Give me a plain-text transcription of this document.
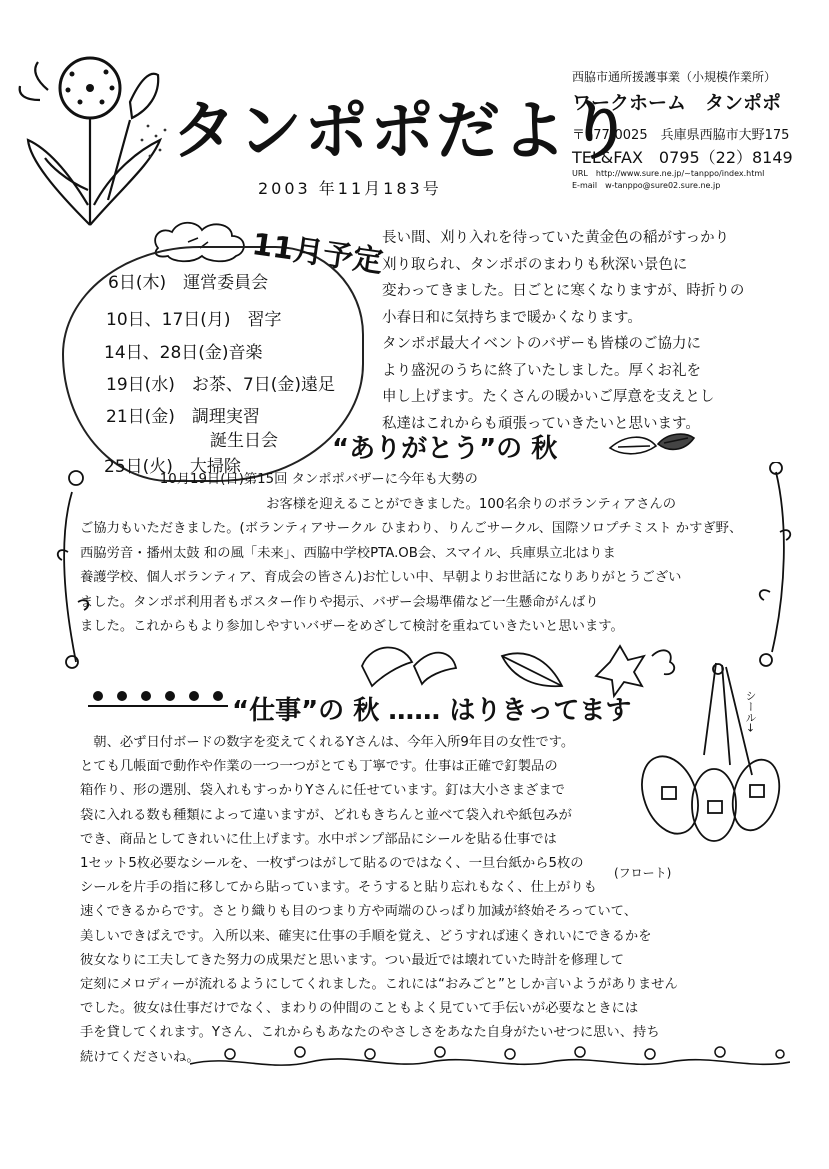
タンポポだより
2003 年11月183号
西脇市通所援護事業（小規模作業所）
ワークホーム　タンポポ
〒677-0025　兵庫県西脇市大野175
TEL&FAX　0795（22）8149
URL　http://www.sure.ne.jp/~tanppo/index.html
E-mail　w-tanppo@sure02.sure.ne.jp
11月予定
6日(木)　運営委員会
10日、17日(月)　習字
14日、28日(金)音楽
19日(水)　お茶、7日(金)遠足
21日(金)　調理実習
誕生日会
25日(火)　大掃除
長い間、刈り入れを待っていた黄金色の稲がすっかり
刈り取られ、タンポポのまわりも秋深い景色に
変わってきました。日ごとに寒くなりますが、時折りの
小春日和に気持ちまで暖かくなります。
タンポポ最大イベントのバザーも皆様のご協力に
より盛況のうちに終了いたしました。厚くお礼を
申し上げます。たくさんの暖かいご厚意を支えとし
私達はこれからも頑張っていきたいと思います。
“ありがとう”の 秋
　　　　　　10月19日(日)第15回 タンポポバザーに今年も大勢の
　　　　　　　　　　　　　　お客様を迎えることができました。100名余りのボランティアさんの
ご協力もいただきました。(ボランティアサークル ひまわり、りんごサークル、国際ソロプチミスト かすぎ野、
西脇労音・播州太鼓 和の風「未来」、西脇中学校PTA.OB会、スマイル、兵庫県立北はりま
養護学校、個人ボランティア、育成会の皆さん)お忙しい中、早朝よりお世話になりありがとうござい
ました。タンポポ利用者もポスター作りや掲示、バザー会場準備など一生懸命がんばり
ました。これからもより参加しやすいバザーをめざして検討を重ねていきたいと思います。
“仕事”の 秋 …… はりきってます	シール→
(フロート)
　朝、必ず日付ボードの数字を変えてくれるYさんは、今年入所9年目の女性です。
とても几帳面で動作や作業の一つ一つがとても丁寧です。仕事は正確で釘製品の
箱作り、形の選別、袋入れもすっかりYさんに任せています。釘は大小さまざまで
袋に入れる数も種類によって違いますが、どれもきちんと並べて袋入れや紙包みが
でき、商品としてきれいに仕上げます。水中ポンプ部品にシールを貼る仕事では
1セット5枚必要なシールを、一枚ずつはがして貼るのではなく、一旦台紙から5枚の
シールを片手の指に移してから貼っています。そうすると貼り忘れもなく、仕上がりも
速くできるからです。さとり織りも目のつまり方や両端のひっぱり加減が終始そろっていて、
美しいできばえです。入所以来、確実に仕事の手順を覚え、どうすれば速くきれいにできるかを
彼女なりに工夫してきた努力の成果だと思います。つい最近では壊れていた時計を修理して
定刻にメロディーが流れるようにしてくれました。これには“おみごと”としか言いようがありません
でした。彼女は仕事だけでなく、まわりの仲間のこともよく見ていて手伝いが必要なときには
手を貸してくれます。Yさん、これからもあなたのやさしさをあなた自身がたいせつに思い、持ち
続けてくださいね。
